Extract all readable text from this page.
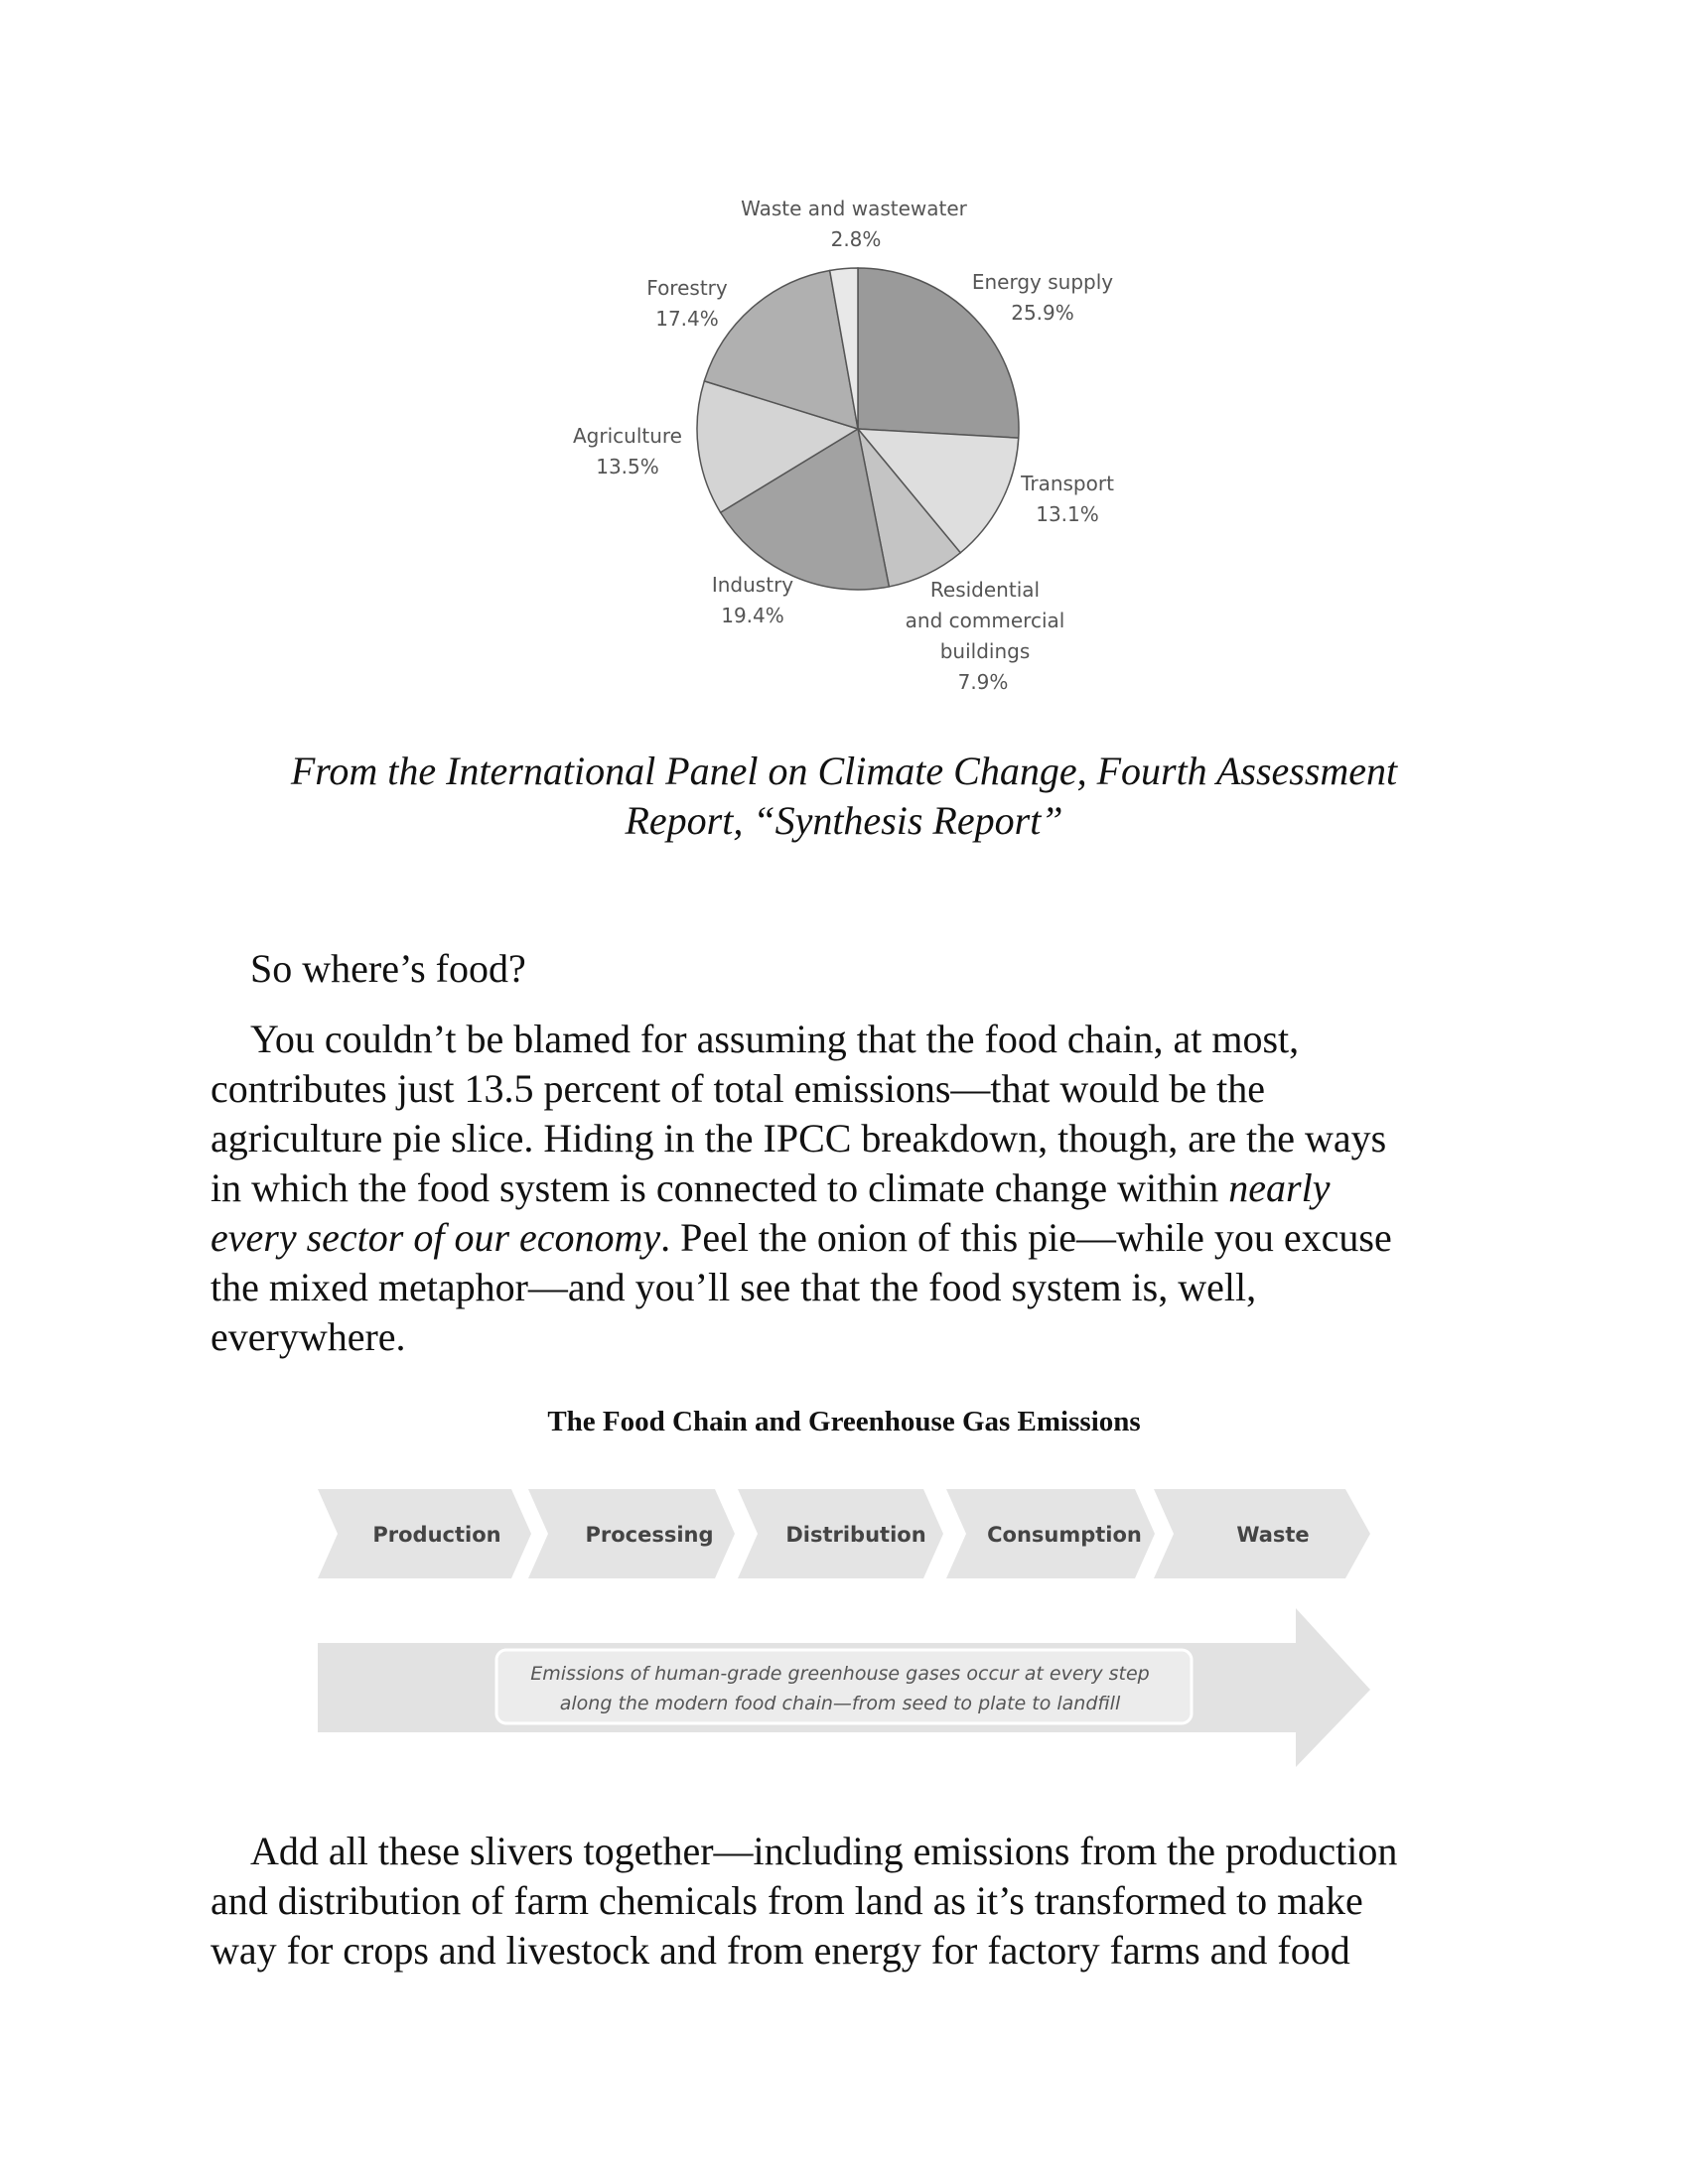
Waste and wastewater
2.8%
Energy supply
25.9%
Forestry
17.4%
Agriculture
13.5%
Transport
13.1%
Industry
19.4%
Residential and commercial buildings
7.9%
From the International Panel on Climate Change, Fourth Assessment
Report, “Synthesis Report”
So where’s food?
You couldn’t be blamed for assuming that the food chain, at most,
contributes just 13.5 percent of total emissions—that would be the
agriculture pie slice. Hiding in the IPCC breakdown, though, are the ways
in which the food system is connected to climate change within nearly
every sector of our economy. Peel the onion of this pie—while you excuse
the mixed metaphor—and you’ll see that the food system is, well,
everywhere.
The Food Chain and Greenhouse Gas Emissions
Production	Processing	Distribution	Consumption	Waste
Emissions of human-grade greenhouse gases occur at every step
along the modern food chain—from seed to plate to landfill
Add all these slivers together—including emissions from the production
and distribution of farm chemicals from land as it’s transformed to make
way for crops and livestock and from energy for factory farms and food
